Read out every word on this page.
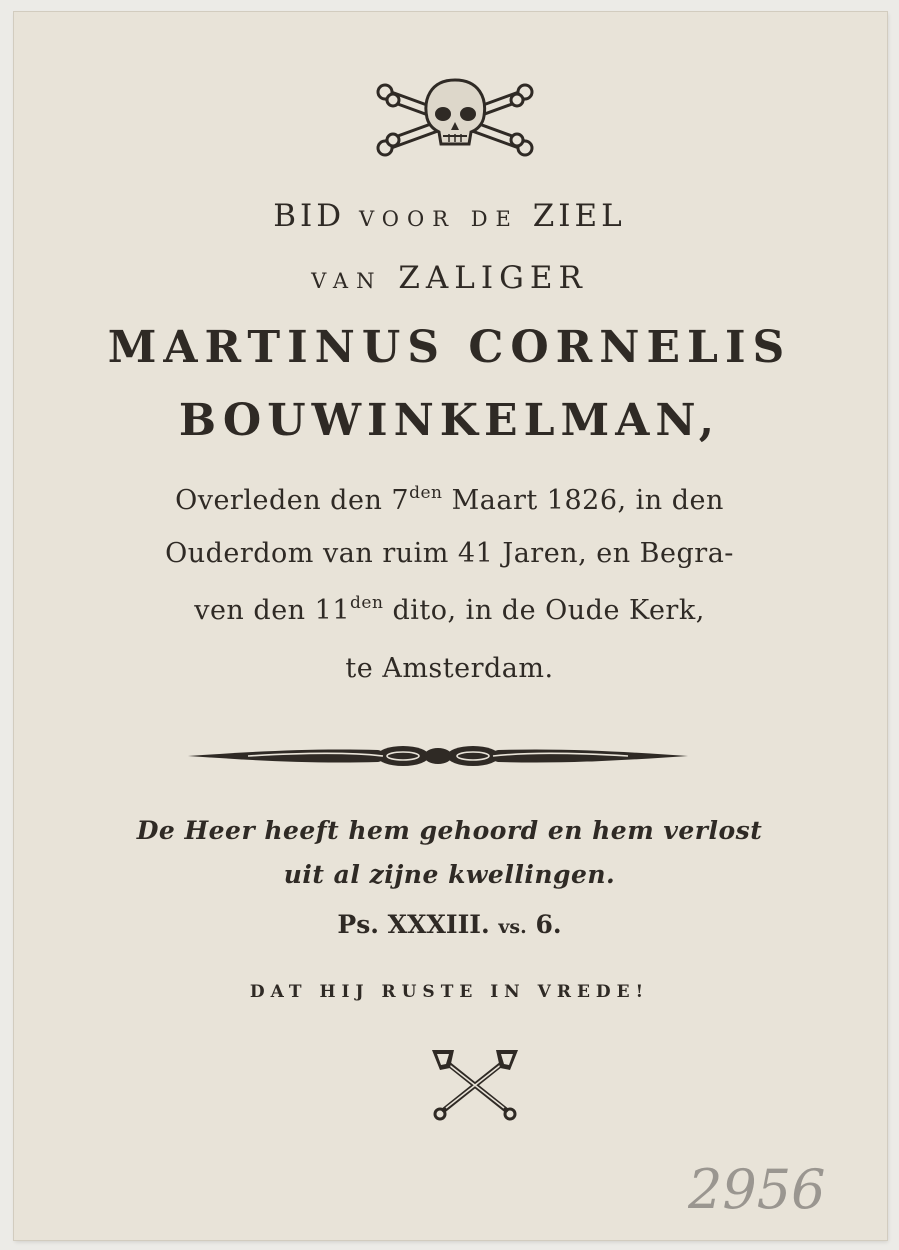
BID VOOR DE ZIEL
VAN ZALIGER
MARTINUS CORNELIS
BOUWINKELMAN,
Overleden den $7^{den}$ Maart 1826, in den
Ouderdom van ruim 41 Jaren, en Begra-
ven den $11^{den}$ dito, in de Oude Kerk,
te Amsterdam.
De Heer heeft hem gehoord en hem verlost
uit al zijne kwellingen.
Ps. XXXIII. vs. 6.
DAT HIJ RUSTE IN VREDE!
2956
